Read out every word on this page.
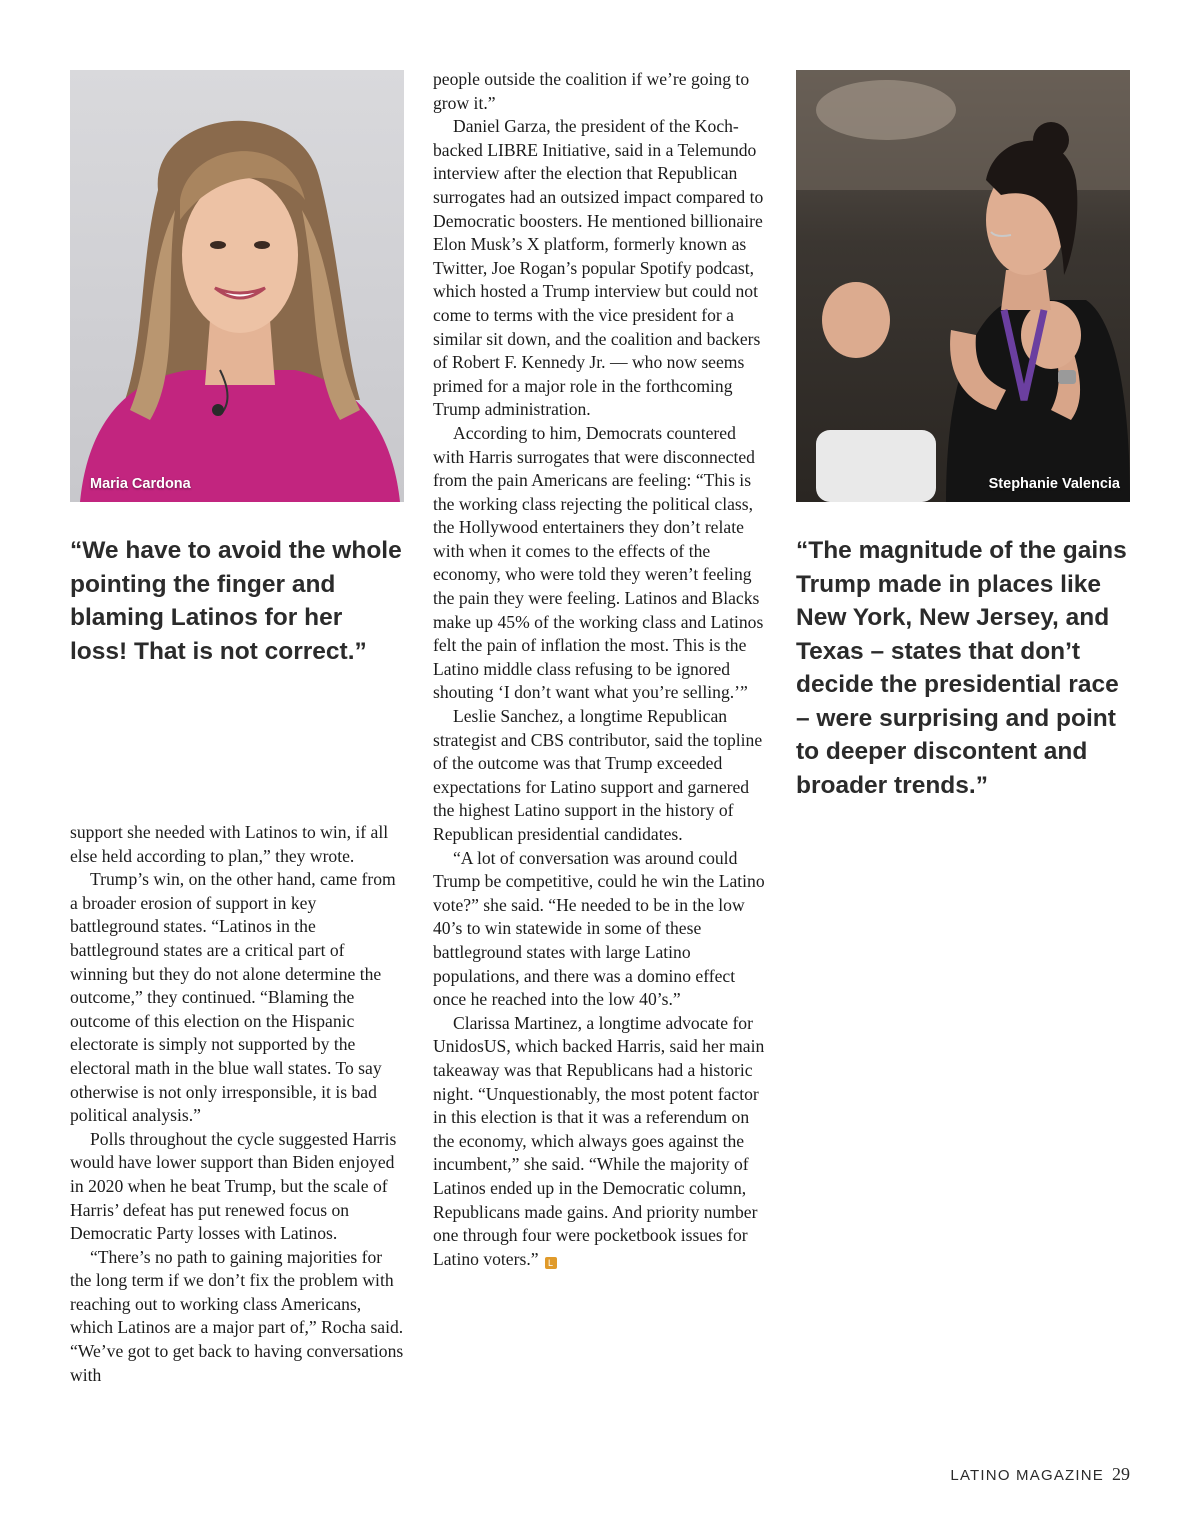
Maria Cardona	Stephanie Valencia

“We have to avoid the whole pointing the finger and blaming Latinos for her loss! That is not correct.”

“The magnitude of the gains Trump made in places like New York, New Jersey, and Texas – states that don’t decide the presidential race – were surprising and point to deeper discontent and broader trends.”

support she needed with Latinos to win, if all else held according to plan,” they wrote.

Trump’s win, on the other hand, came from a broader erosion of support in key battleground states. “Latinos in the battleground states are a critical part of winning but they do not alone determine the outcome,” they continued. “Blaming the outcome of this election on the Hispanic electorate is simply not supported by the electoral math in the blue wall states. To say otherwise is not only irresponsible, it is bad political analysis.”

Polls throughout the cycle suggested Harris would have lower support than Biden enjoyed in 2020 when he beat Trump, but the scale of Harris’ defeat has put renewed focus on Democratic Party losses with Latinos.

“There’s no path to gaining majorities for the long term if we don’t fix the problem with reaching out to working class Americans, which Latinos are a major part of,” Rocha said. “We’ve got to get back to having conversations with

people outside the coalition if we’re going to grow it.”

Daniel Garza, the president of the Koch-backed LIBRE Initiative, said in a Telemundo interview after the election that Republican surrogates had an outsized impact compared to Democratic boosters. He mentioned billionaire Elon Musk’s X platform, formerly known as Twitter, Joe Rogan’s popular Spotify podcast, which hosted a Trump interview but could not come to terms with the vice president for a similar sit down, and the coalition and backers of Robert F. Kennedy Jr. — who now seems primed for a major role in the forthcoming Trump administration.

According to him, Democrats countered with Harris surrogates that were disconnected from the pain Americans are feeling: “This is the working class rejecting the political class, the Hollywood entertainers they don’t relate with when it comes to the effects of the economy, who were told they weren’t feeling the pain they were feeling. Latinos and Blacks make up 45% of the working class and Latinos felt the pain of inflation the most. This is the Latino middle class refusing to be ignored shouting ‘I don’t want what you’re selling.’”

Leslie Sanchez, a longtime Republican strategist and CBS contributor, said the topline of the outcome was that Trump exceeded expectations for Latino support and garnered the highest Latino support in the history of Republican presidential candidates.

“A lot of conversation was around could Trump be competitive, could he win the Latino vote?” she said. “He needed to be in the low 40’s to win statewide in some of these battleground states with large Latino populations, and there was a domino effect once he reached into the low 40’s.”

Clarissa Martinez, a longtime advocate for UnidosUS, which backed Harris, said her main takeaway was that Republicans had a historic night. “Unquestionably, the most potent factor in this election is that it was a referendum on the economy, which always goes against the incumbent,” she said. “While the majority of Latinos ended up in the Democratic column, Republicans made gains. And priority number one through four were pocketbook issues for Latino voters.” L

LATINO MAGAZINE 29
